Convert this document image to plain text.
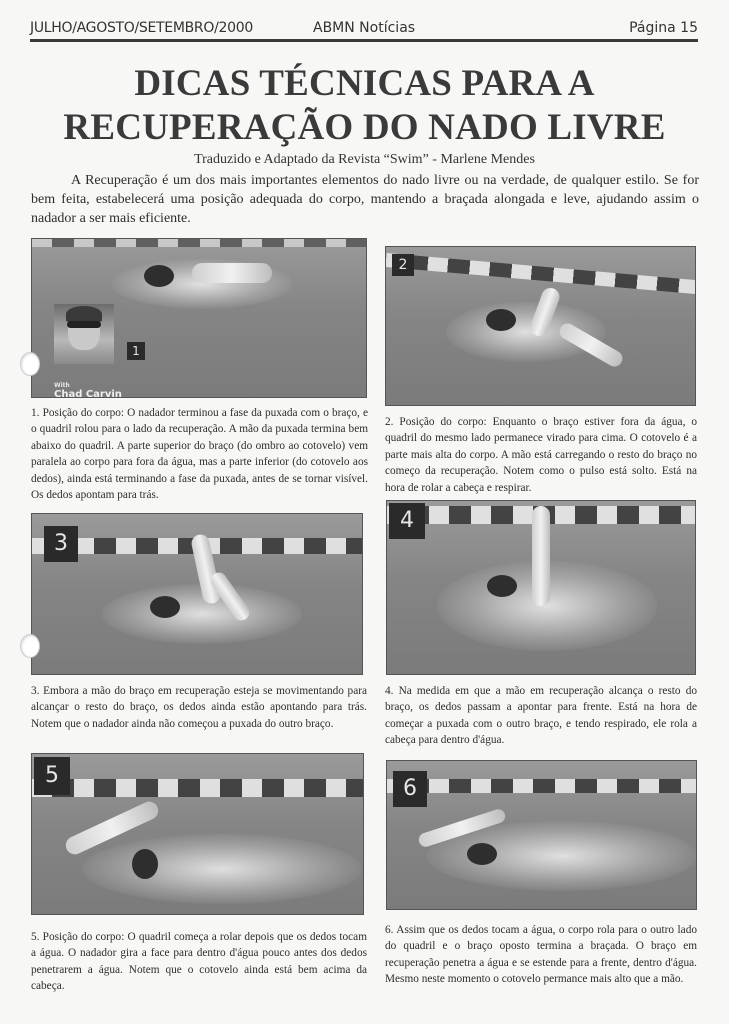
JULHO/AGOSTO/SETEMBRO/2000	ABMN Notícias	Página 15
DICAS TÉCNICAS PARA A
RECUPERAÇÃO DO NADO LIVRE
Traduzido e Adaptado da Revista “Swim” - Marlene Mendes
A Recuperação é um dos mais importantes elementos do nado livre ou na verdade, de qualquer estilo. Se for bem feita, estabelecerá uma posição adequada do corpo, mantendo a braçada alongada e leve, ajudando assim o nadador a ser mais eficiente.
1
With
Chad Carvin
2
1. Posição do corpo: O nadador terminou a fase da puxada com o braço, e o quadril rolou para o lado da recuperação. A mão da puxada termina bem abaixo do quadril. A parte superior do braço (do ombro ao cotovelo) vem paralela ao corpo para fora da água, mas a parte inferior (do cotovelo aos dedos), ainda está terminando a fase da puxada, antes de se tornar visível. Os dedos apontam para trás.
2. Posição do corpo: Enquanto o braço estiver fora da água, o quadril do mesmo lado permanece virado para cima. O cotovelo é a parte mais alta do corpo. A mão está carregando o resto do braço no começo da recuperação. Notem como o pulso está solto. Está na hora de rolar a cabeça e respirar.
3
4
3. Embora a mão do braço em recuperação esteja se movimentando para alcançar o resto do braço, os dedos ainda estão apontando para trás. Notem que o nadador ainda não começou a puxada do outro braço.
4. Na medida em que a mão em recuperação alcança o resto do braço, os dedos passam a apontar para frente. Está na hora de começar a puxada com o outro braço, e tendo respirado, ele rola a cabeça para dentro d'água.
5
6
5. Posição do corpo: O quadril começa a rolar depois que os dedos tocam a água. O nadador gira a face para dentro d'água pouco antes dos dedos penetrarem a água. Notem que o cotovelo ainda está bem acima da cabeça.
6. Assim que os dedos tocam a água, o corpo rola para o outro lado do quadril e o braço oposto termina a braçada. O braço em recuperação penetra a água e se estende para a frente, dentro d'água. Mesmo neste momento o cotovelo permance mais alto que a mão.
